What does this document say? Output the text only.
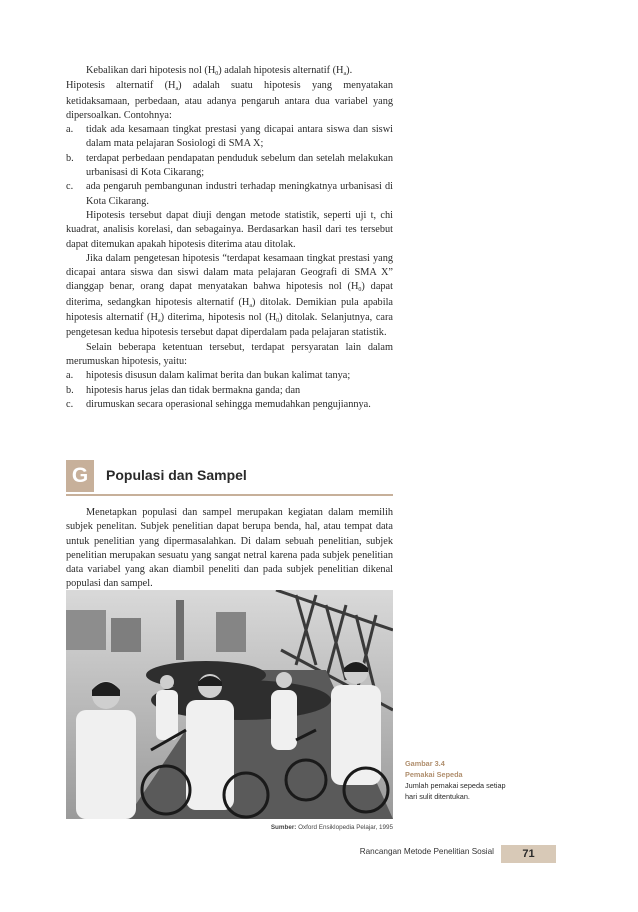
Kebalikan dari hipotesis nol (H0) adalah hipotesis alternatif (Ha).

Hipotesis alternatif (Ha) adalah suatu hipotesis yang menyatakan ketidaksamaan, perbedaan, atau adanya pengaruh antara dua variabel yang dipersoalkan. Contohnya:

a.	tidak ada kesamaan tingkat prestasi yang dicapai antara siswa dan siswi dalam mata pelajaran Sosiologi di SMA X;
b.	terdapat perbedaan pendapatan penduduk sebelum dan setelah melakukan urbanisasi di Kota Cikarang;
c.	ada pengaruh pembangunan industri terhadap meningkatnya urbanisasi di Kota Cikarang.

Hipotesis tersebut dapat diuji dengan metode statistik, seperti uji t, chi kuadrat, analisis korelasi, dan sebagainya. Berdasarkan hasil dari tes tersebut dapat ditemukan apakah hipotesis diterima atau ditolak.

Jika dalam pengetesan hipotesis “terdapat kesamaan tingkat prestasi yang dicapai antara siswa dan siswi dalam mata pelajaran Geografi di SMA X” dianggap benar, orang dapat menyatakan bahwa hipotesis nol (H0) dapat diterima, sedangkan hipotesis alternatif (Ha) ditolak. Demikian pula apabila hipotesis alternatif (Ha) diterima, hipotesis nol (H0) ditolak. Selanjutnya, cara pengetesan kedua hipotesis tersebut dapat diperdalam pada pelajaran statistik.

Selain beberapa ketentuan tersebut, terdapat persyaratan lain dalam merumuskan hipotesis, yaitu:

a.	hipotesis disusun dalam kalimat berita dan bukan kalimat tanya;
b.	hipotesis harus jelas dan tidak bermakna ganda; dan
c.	dirumuskan secara operasional sehingga memudahkan pengujiannya.
G	Populasi dan Sampel

Menetapkan populasi dan sampel merupakan kegiatan dalam memilih subjek penelitan. Subjek penelitian dapat berupa benda, hal, atau tempat data untuk penelitian yang dipermasalahkan. Di dalam sebuah penelitian, subjek penelitian merupakan sesuatu yang sangat netral karena pada subjek penelitian data variabel yang akan diambil peneliti dan pada subjek penelitian dikenal populasi dan sampel.

Gambar 3.4
Pemakai Sepeda
Jumlah pemakai sepeda setiap hari sulit ditentukan.
Sumber: Oxford Ensiklopedia Pelajar, 1995
Rancangan Metode Penelitian Sosial	71
